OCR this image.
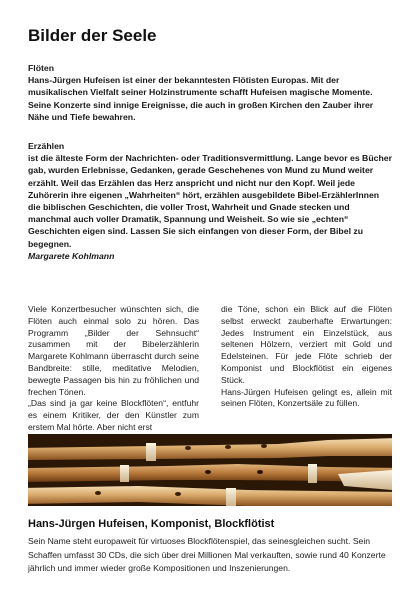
Bilder der Seele

Flöten

Hans-Jürgen Hufeisen ist einer der bekanntesten Flötisten Europas. Mit der musikalischen Vielfalt seiner Holzinstrumente schafft Hufeisen magische Momente. Seine Konzerte sind innige Ereignisse, die auch in großen Kirchen den Zauber ihrer Nähe und Tiefe bewahren.

Erzählen

ist die älteste Form der Nachrichten- oder Traditionsvermittlung. Lange bevor es Bücher gab, wurden Erlebnisse, Gedanken, gerade Geschehenes von Mund zu Mund weiter erzählt. Weil das Erzählen das Herz anspricht und nicht nur den Kopf. Weil jede Zuhörerin ihre eigenen „Wahrheiten“ hört, erzählen ausgebildete Bibel-ErzählerInnen die biblischen Geschichten, die voller Trost, Wahrheit und Gnade stecken und manchmal auch voller Dramatik, Spannung und Weisheit. So wie sie „echten“ Geschichten eigen sind. Lassen Sie sich einfangen von dieser Form, der Bibel zu begegnen.

Margarete Kohlmann

Viele Konzertbesucher wünschten sich, die Flöten auch einmal solo zu hören. Das Programm „Bilder der Sehnsucht“ zusammen mit der Bibelerzählerin Margarete Kohlmann überrascht durch seine Bandbreite: stille, meditative Melodien, bewegte Passagen bis hin zu fröhlichen und frechen Tönen.

„Das sind ja gar keine Blockflöten“, entfuhr es einem Kritiker, der den Künstler zum erstem Mal hörte. Aber nicht erst

die Töne, schon ein Blick auf die Flöten selbst erweckt zauberhafte Erwartungen: Jedes Instrument ein Einzelstück, aus seltenen Hölzern, verziert mit Gold und Edelsteinen. Für jede Flöte schrieb der Komponist und Blockflötist ein eigenes Stück.

Hans-Jürgen Hufeisen gelingt es, allein mit seinen Flöten, Konzertsäle zu füllen.

Hans-Jürgen Hufeisen, Komponist, Blockflötist

Sein Name steht europaweit für virtuoses Blockflötenspiel, das seinesgleichen sucht. Sein Schaffen umfasst 30 CDs, die sich über drei Millionen Mal verkauften, sowie rund 40 Konzerte jährlich und immer wieder große Kompositionen und Inszenierungen.
